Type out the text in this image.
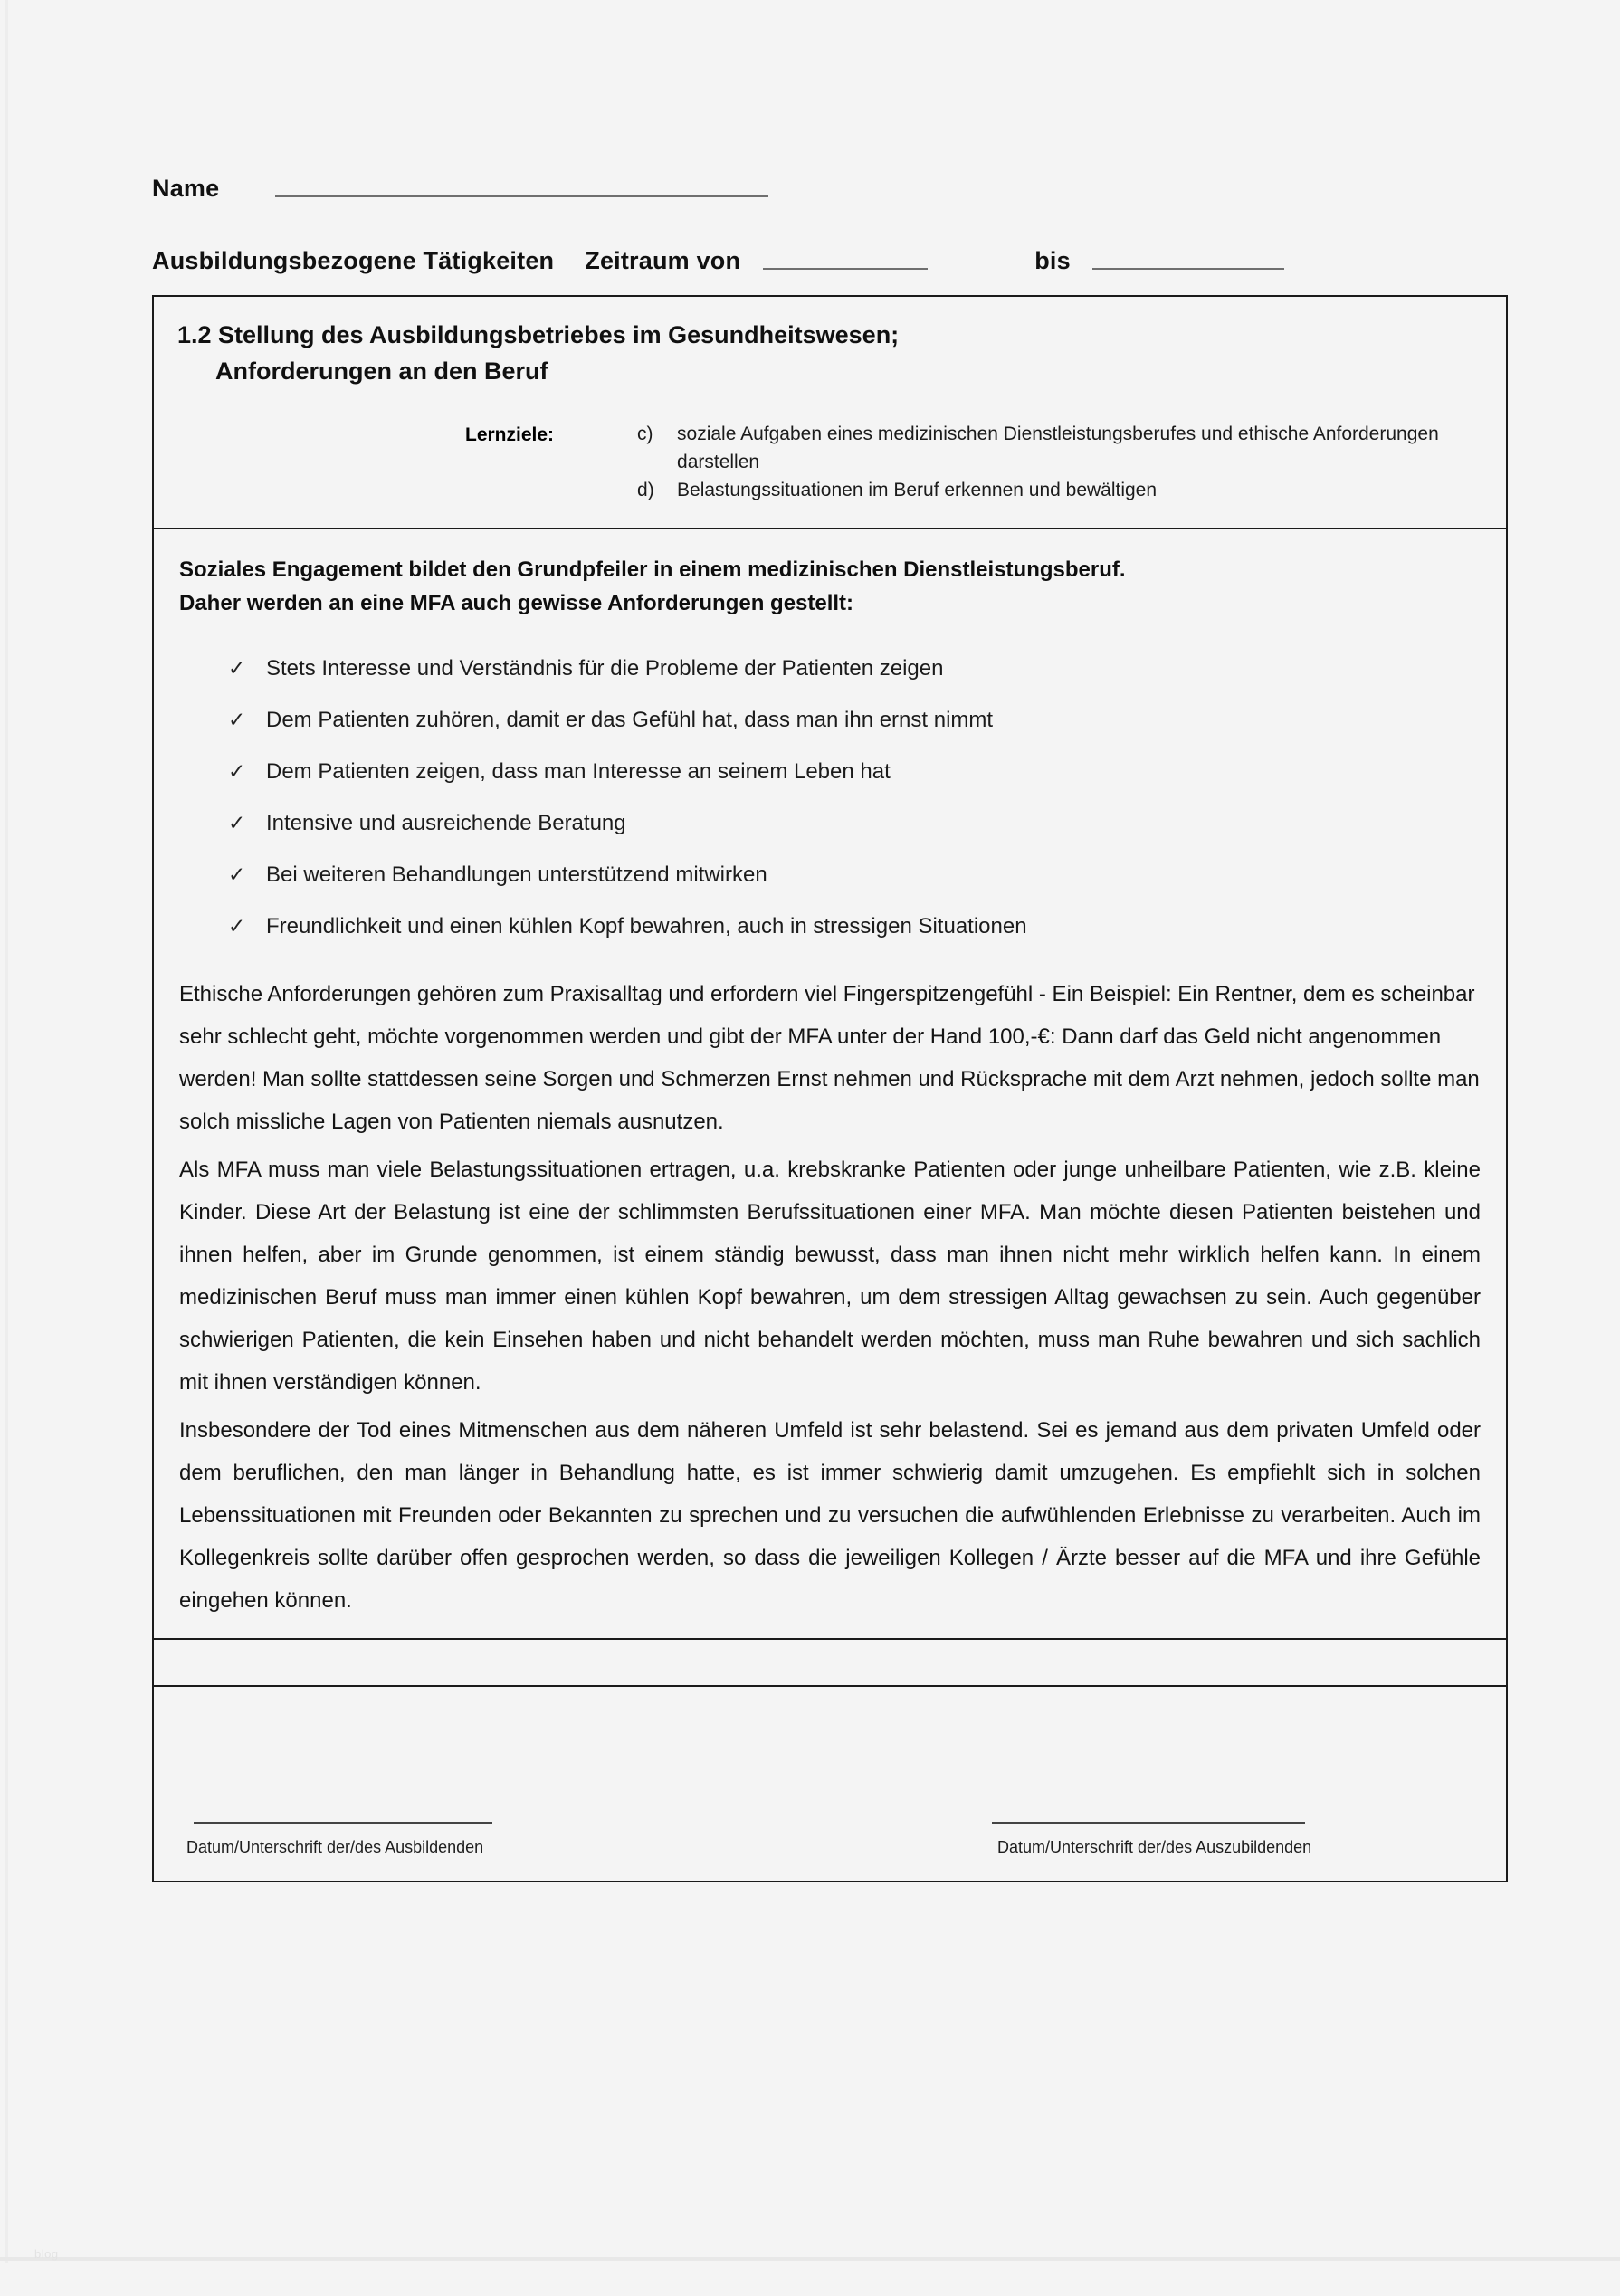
Name
Ausbildungsbezogene Tätigkeiten Zeitraum von	bis
1.2 Stellung des Ausbildungsbetriebes im Gesundheitswesen;
Anforderungen an den Beruf
Lernziele:	c)	soziale Aufgaben eines medizinischen Dienstleistungsberufes und ethische Anforderungen darstellen
d)	Belastungssituationen im Beruf erkennen und bewältigen
Soziales Engagement bildet den Grundpfeiler in einem medizinischen Dienstleistungsberuf.
Daher werden an eine MFA auch gewisse Anforderungen gestellt:
✓ Stets Interesse und Verständnis für die Probleme der Patienten zeigen
✓ Dem Patienten zuhören, damit er das Gefühl hat, dass man ihn ernst nimmt
✓ Dem Patienten zeigen, dass man Interesse an seinem Leben hat
✓ Intensive und ausreichende Beratung
✓ Bei weiteren Behandlungen unterstützend mitwirken
✓ Freundlichkeit und einen kühlen Kopf bewahren, auch in stressigen Situationen

Ethische Anforderungen gehören zum Praxisalltag und erfordern viel Fingerspitzengefühl - Ein Beispiel: Ein Rentner, dem es scheinbar sehr schlecht geht, möchte vorgenommen werden und gibt der MFA unter der Hand 100,-€: Dann darf das Geld nicht angenommen werden! Man sollte stattdessen seine Sorgen und Schmerzen Ernst nehmen und Rücksprache mit dem Arzt nehmen, jedoch sollte man solch missliche Lagen von Patienten niemals ausnutzen.

Als MFA muss man viele Belastungssituationen ertragen, u.a. krebskranke Patienten oder junge unheilbare Patienten, wie z.B. kleine Kinder. Diese Art der Belastung ist eine der schlimmsten Berufssituationen einer MFA. Man möchte diesen Patienten beistehen und ihnen helfen, aber im Grunde genommen, ist einem ständig bewusst, dass man ihnen nicht mehr wirklich helfen kann. In einem medizinischen Beruf muss man immer einen kühlen Kopf bewahren, um dem stressigen Alltag gewachsen zu sein. Auch gegenüber schwierigen Patienten, die kein Einsehen haben und nicht behandelt werden möchten, muss man Ruhe bewahren und sich sachlich mit ihnen verständigen können.

Insbesondere der Tod eines Mitmenschen aus dem näheren Umfeld ist sehr belastend. Sei es jemand aus dem privaten Umfeld oder dem beruflichen, den man länger in Behandlung hatte, es ist immer schwierig damit umzugehen. Es empfiehlt sich in solchen Lebenssituationen mit Freunden oder Bekannten zu sprechen und zu versuchen die aufwühlenden Erlebnisse zu verarbeiten. Auch im Kollegenkreis sollte darüber offen gesprochen werden, so dass die jeweiligen Kollegen / Ärzte besser auf die MFA und ihre Gefühle eingehen können.

Datum/Unterschrift der/des Ausbildenden	Datum/Unterschrift der/des Auszubildenden
blog
